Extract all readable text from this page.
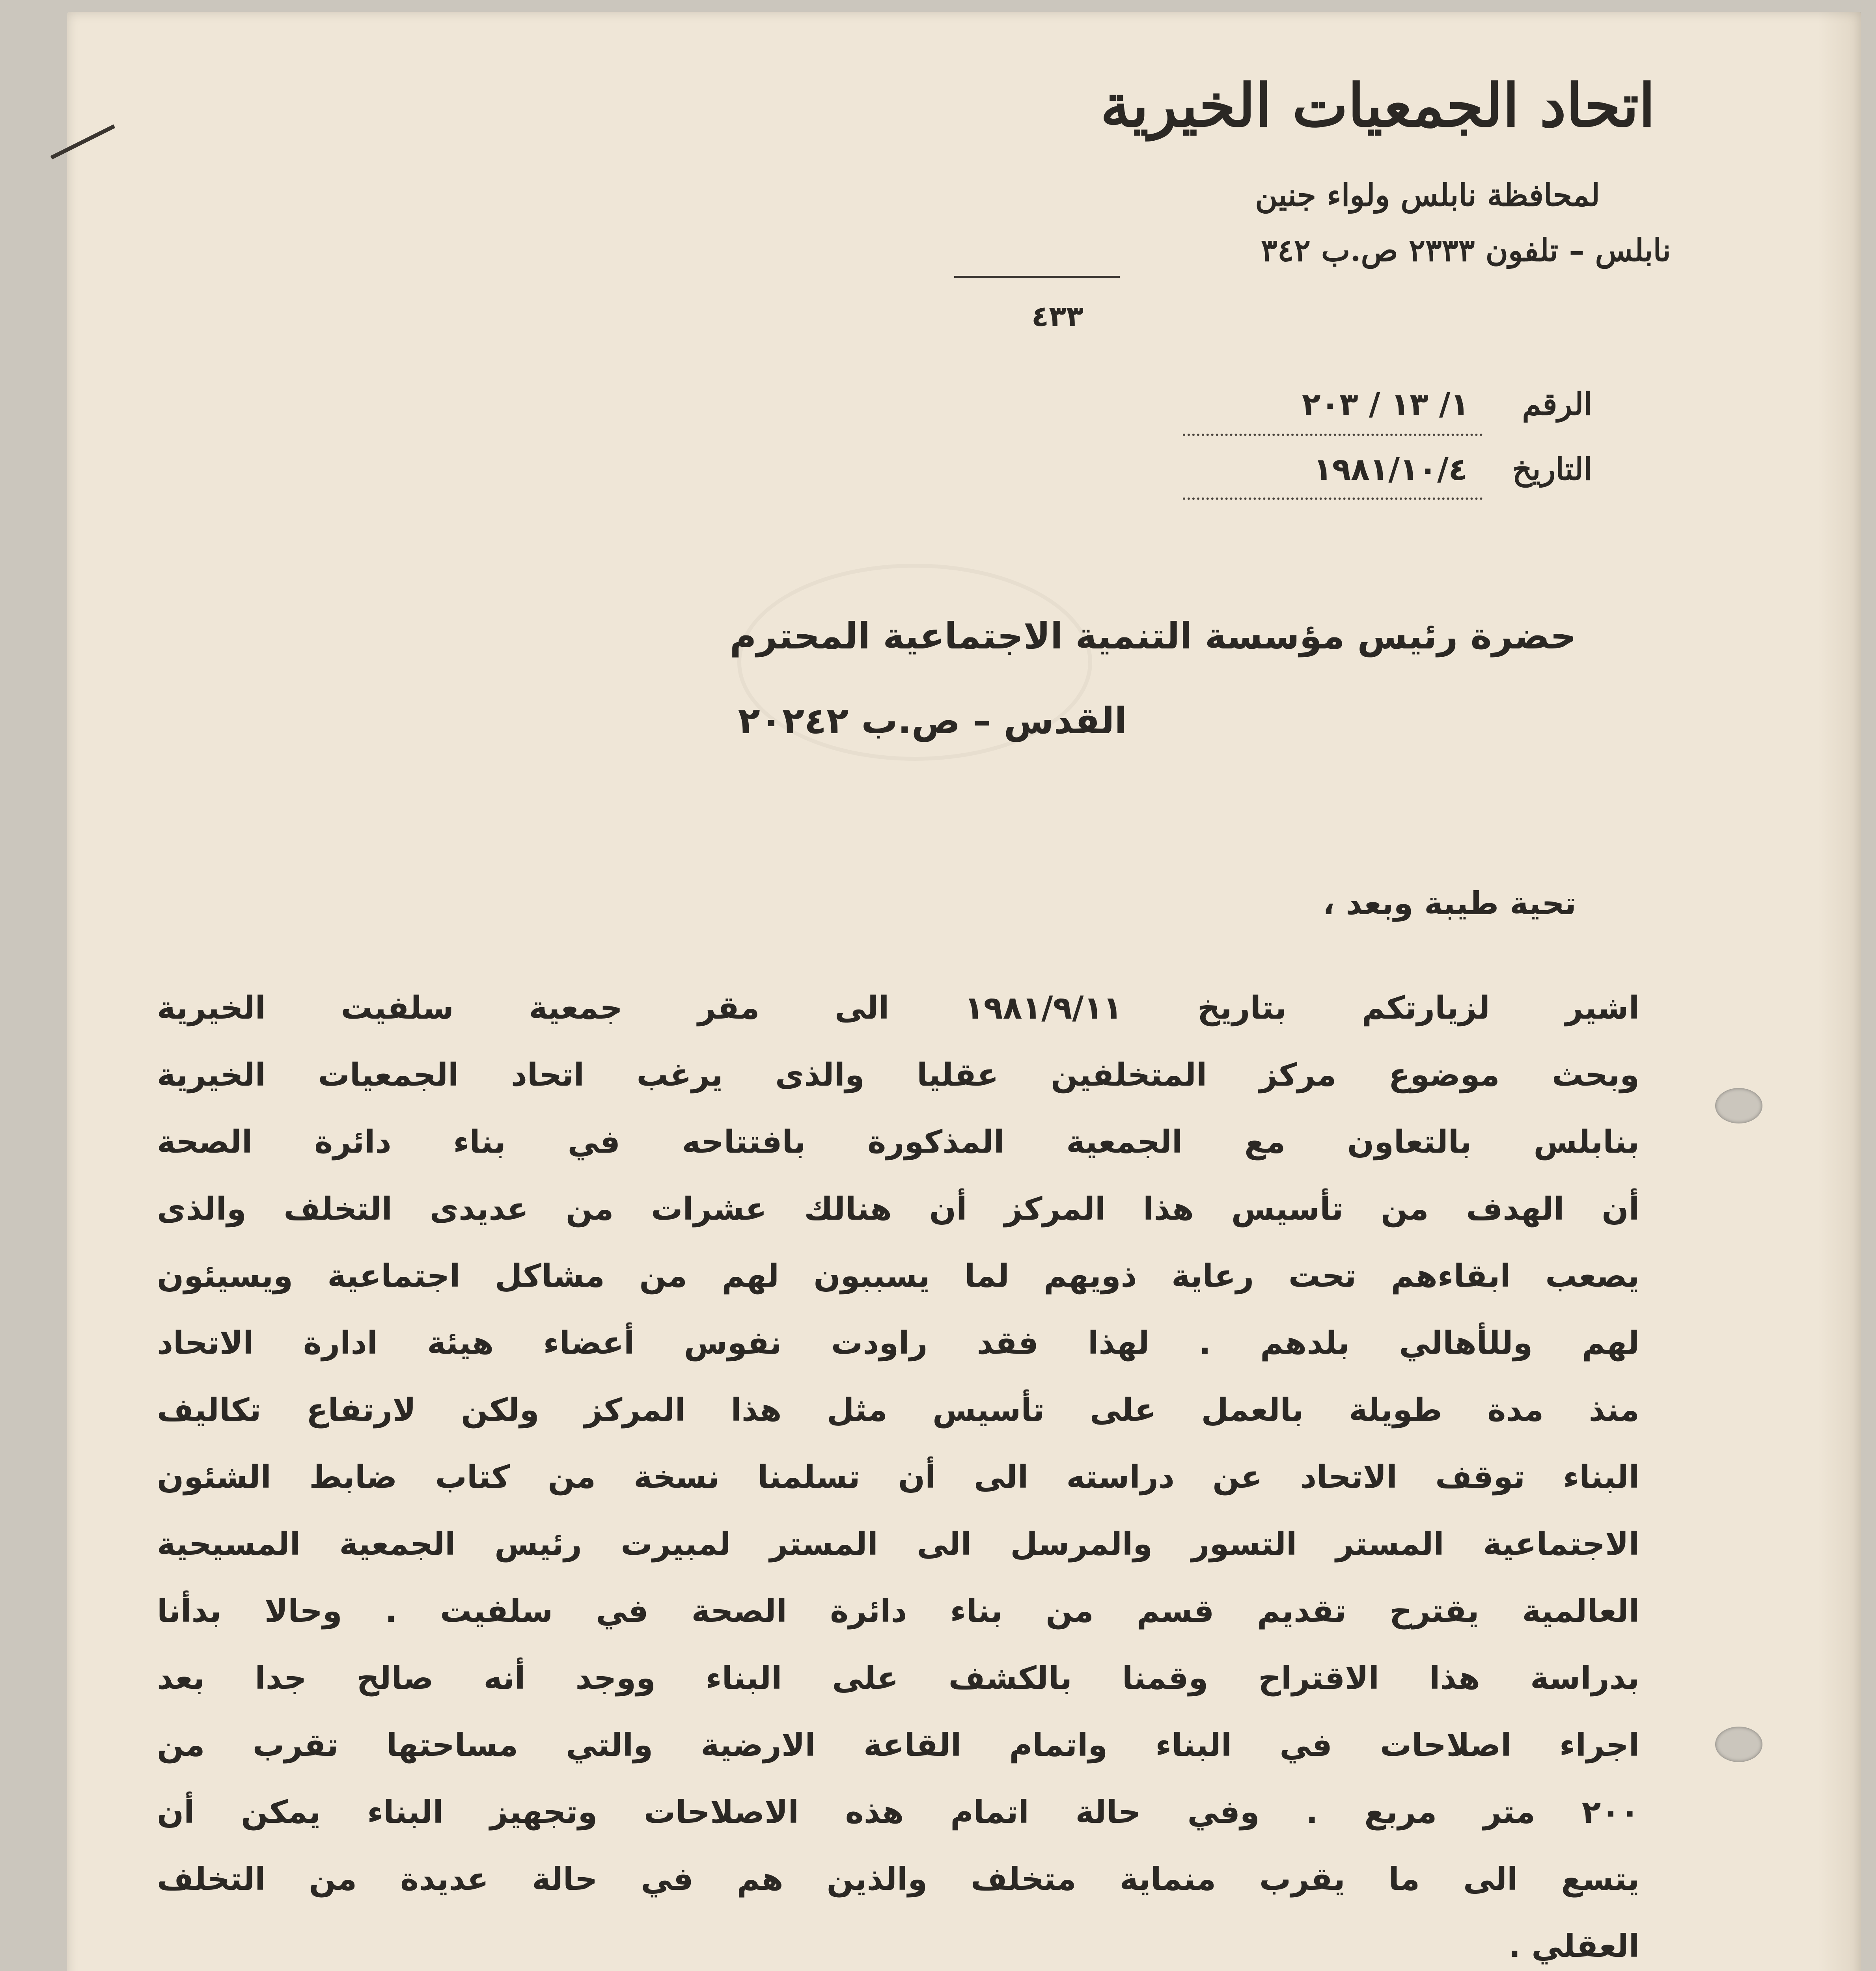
اتحاد الجمعيات الخيرية
لمحافظة نابلس ولواء جنين
نابلس – تلفون ٢٣٣٣ ص.ب ٣٤٢
٤٣٣
الرقم  ١/ ١٣ / ٢٠٣
التاريخ  ١٩٨١/١٠/٤
حضرة رئيس مؤسسة التنمية الاجتماعية المحترم
القدس – ص.ب ٢٠٢٤٢
تحية طيبة وبعد ،
اشير لزيارتكم بتاريخ ١٩٨١/٩/١١ الى مقر جمعية سلفيت الخيرية
وبحث موضوع مركز المتخلفين عقليا والذى يرغب اتحاد الجمعيات الخيرية
بنابلس بالتعاون مع الجمعية المذكورة بافتتاحه في بناء دائرة الصحة
أن الهدف من تأسيس هذا المركز أن هنالك عشرات من عديدى التخلف والذى
يصعب ابقاءهم تحت رعاية ذويهم لما يسببون لهم من مشاكل اجتماعية ويسيئون
لهم وللأهالي بلدهم . لهذا فقد راودت نفوس أعضاء هيئة ادارة الاتحاد
منذ مدة طويلة بالعمل على تأسيس مثل هذا المركز ولكن لارتفاع تكاليف
البناء توقف الاتحاد عن دراسته الى أن تسلمنا نسخة من كتاب ضابط الشئون
الاجتماعية المستر التسور والمرسل الى المستر لمبيرت رئيس الجمعية المسيحية
العالمية يقترح تقديم قسم من بناء دائرة الصحة في سلفيت . وحالا بدأنا
بدراسة هذا الاقتراح وقمنا بالكشف على البناء ووجد أنه صالح جدا بعد
اجراء اصلاحات في البناء واتمام القاعة الارضية والتي مساحتها تقرب من
٢٠٠ متر مربع . وفي حالة اتمام هذه الاصلاحات وتجهيز البناء يمكن أن
يتسع الى ما يقرب منماية متخلف والذين هم في حالة عديدة من التخلف
العقلي .
